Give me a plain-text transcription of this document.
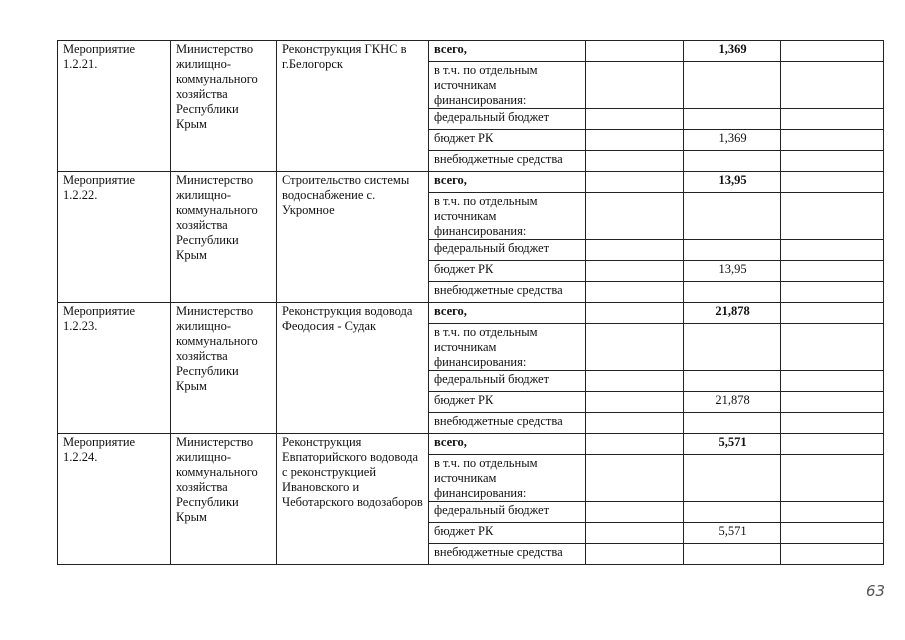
Мероприятие 1.2.21.	Министерство жилищно-коммунального хозяйства Республики Крым	Реконструкция ГКНС в г.Белогорск	всего,		1,369	
			в т.ч. по отдельным источникам финансирования:			
			федеральный бюджет			
			бюджет РК		1,369	
			внебюджетные средства			
Мероприятие 1.2.22.	Министерство жилищно-коммунального хозяйства Республики Крым	Строительство системы водоснабжение с. Укромное	всего,		13,95	
			в т.ч. по отдельным источникам финансирования:			
			федеральный бюджет			
			бюджет РК		13,95	
			внебюджетные средства			
Мероприятие 1.2.23.	Министерство жилищно-коммунального хозяйства Республики Крым	Реконструкция водовода Феодосия - Судак	всего,		21,878	
			в т.ч. по отдельным источникам финансирования:			
			федеральный бюджет			
			бюджет РК		21,878	
			внебюджетные средства			
Мероприятие 1.2.24.	Министерство жилищно-коммунального хозяйства Республики Крым	Реконструкция Евпаторийского водовода с реконструкцией Ивановского и Чеботарского водозаборов	всего,		5,571	
			в т.ч. по отдельным источникам финансирования:			
			федеральный бюджет			
			бюджет РК		5,571	
			внебюджетные средства			
63
